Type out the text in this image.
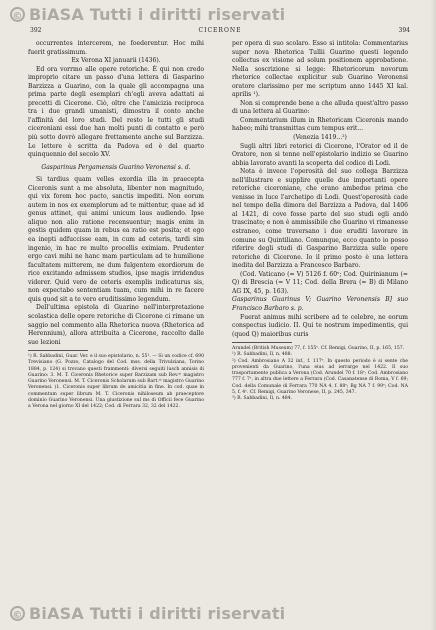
© BiASA Tutti i diritti riservati
392	CICERONE	394

occurrentes intercerem, ne foederentur. Hoc mihi fuerit gratissimum.

Ex Verona XI januarii (1436).

Ed ora vorrmo alle opere retoriche. È qui non credo improprio citare un passo d'una lettera di Gasparino Barzizza a Guarino, con la quale gli accompagna una prima parte degli esemplari ch'egli aveva adattati ai precetti di Cicerone. Ciò, oltre che l'amicizia reciproca tra i due grandi umanisti, dimostra il conto anche l'affinità del loro studi. Del resto le tutti gli studi ciceroniani essi due han molti punti di contatto e però più sotto dovrò allegare frettamente anche sul Barzizza. Le lettere è scritta da Padova ed è del quarto quinquennio del secolo XV.

Gasparinus Pergamensis Guarino Veronensi s. d.

Si tardius quam velles exordia illa in praecepta Ciceronis sunt a me absoluta, libenter non magnitudo, qui vix forem hoc pacto, sanctis impediti. Non eorum autem in nos ex exemplorum ad te mittentur, quae ad id genus attinet, qui animi unicum laus audiendo. Ipse aliquo non alio ratione recensuentur; magis enim in gestis quidem quam in rebus ea ratio est posita; et ego ea inepti adfuccisse eam, in cum ad ceteris, tardi sim ingenio, in hac re multo procellis eximiam. Prudenter ergo cavi mihi ne hanc mam particulam ad te humilione facultatem mitterem, ne dum fulgentem exordiorum de rice excitando admissem studios, ipse magis irridendus viderer. Quid vero de ceteris exemplis indicaturus sis, non expectabo sententiam tuam, cum mihi in re facere quis quod sit a te vero eruditissimo legendum.

Dell'ultima epistola di Guarino nell'interpretazione scolastica delle opere retoriche di Cicerone ci rimane un saggio nel commento alla Rhetorica nuova (Rhetorica ad Herennium), allora attribuita a Cicerone, raccolto dalle sue lezioni

¹) R. Sabbadini, Guar. Ver. e il suo epistolario, n. 55¹. — Si un codice cf. 690 Trevisiano (G. Pozzo, Catalogo del Cod. mss. della Trivulziana, Torino 1884, p. 124) si trovano questi frammenti: diversi seguiti lusch annisis di Guarino: 3. M. T. Ciceronis Rhetorice super Barzizam sub Rev.ᵐ magistro Guarino Veronensi. M. T. Ciceronis Scholarum sub Bart.ᵐ magistro Guarino Veronensi. (1. Ciceronis super librum de amicitia in fine. In cod. quae in commentum super librum M. T. Ciceronis nihiloseum ab praeceptore dominio Guarino Veronensi. Una giustizione sul ms di Officii fece Guarino a Verona nel giorno XI del 1422; Cod. di Ferrara 32, 32 del 1422.

per opera di suo scolaro. Esso si intitola: Commentarius super nova Rhetorica Tullii Guarino questi legendo collectus ex visione ad solum positionem approbatione. Nella soscrizione si legge: Rhetoricorum novorum rhetorice collectae explicitur sub Guarino Veronensi oratore clarissimo per me scriptum anno 1445 XI kal. aprilis ¹).

Non si comprende bene a che alluda quest'altro passo di una lettera al Guarino:

Commentarium illum in Rhetoricam Ciceronis mando habeo; mihi transmittas cum tempus erit...

(Venezia 1419...²)

Sugli altri libri retorici di Cicerone, l'Orator ed il de Oratore, non si tenne nell'epistolario indizio se Guarino abbia lavorato avanti la scoperta del codice di Lodi.

Nota è invece l'operosità del suo collega Barzizza nell'illustrare e supplire quelle due importanti opere retoriche ciceroniane, che erano ambedue prima che venisse in luce l'archetipo di Lodi. Quest'operosità cade nel tempo della dimora del Barzizza a Padova, dal 1406 al 1421, di cove fosse parte del suo studi egli andò trascinato; e non è ammissibile che Guarino vi rimanesse estraneo, come traversano i due eruditi lavorare in comune su Quintiliano. Comunque, ecco quanto io posso riferire degli studi di Gasparino Barzizza sulle opere retoriche di Cicerone. Io il primo posto è una lettera inedita del Barzizza a Francesco Barbaro.

(Cod. Vaticano (= V) 5126 f. 60ᵛ; Cod. Quirinianum (= Q) di Brescia (= V 11; Cod. della Brera (= B) di Milano AG IX, 45, p. 163).

Gasparinus Guarinus V; Guarino Veronensis B] suo Francisco Barbaro s. p.

Fuerat animus mihi scribere ad te celebre, ne eorum conspectus iudicio. II. Qui te nostrum impedimentis, qui (quod Q) maioribus curis

Arundel (British Museum) 77, f. 155ᵛ. Cf. Remigi, Guarino, II, p. 165, 157.

¹) R. Sabbadini, Il, n. 488.

²) Cod. Ambrosiano A 32 inf., f. 117ᵛ. In questo periodo è si sente che provenienti da Guarino, l'una eius ad ierrarge nel 1422. Il suo trasportamento publica a Verona (Cod. Arundel 70 f. 18ᵛ; Cod. Ambrosiano 777 f. 7ᵛ, in altra due lettere a Ferrara (Cod. Casanatense di Roma, V f. 69; Cod. della Comunale di Ferrara 770 NA 4, f. 88ᵛ; Bg NA 7 f. 99ᵛ; Cod. NA 5, f. 4ᵛ. Cf. Remigi, Guarino Veronese, II, p. 245, 347.

³) R. Sabbadini, Il, n. 484.

© BiASA Tutti i diritti riservati
